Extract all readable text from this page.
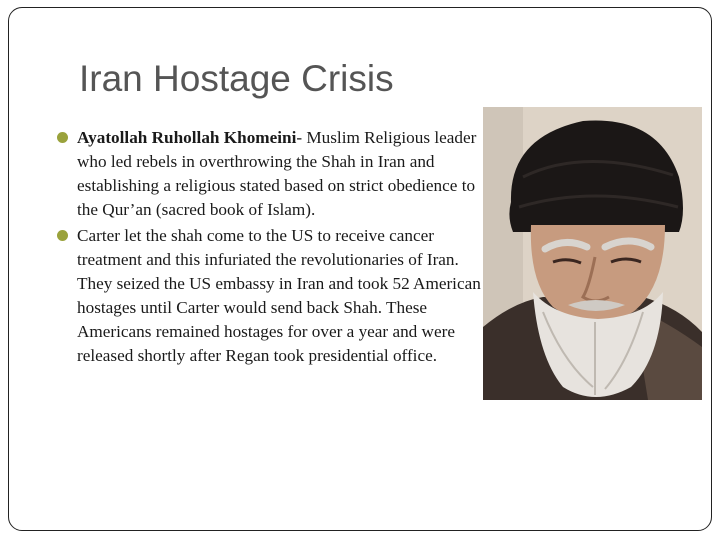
Iran Hostage Crisis
Ayatollah Ruhollah Khomeini- Muslim Religious leader who led rebels in overthrowing the Shah in Iran and establishing a religious stated based on strict obedience to the Qur’an (sacred book of Islam).
Carter let the shah come to the US to receive cancer treatment and this infuriated the revolutionaries of Iran. They seized the US embassy in Iran and took 52 American hostages until Carter would send back Shah. These Americans remained hostages for over a year and were released shortly after Regan took presidential office.
